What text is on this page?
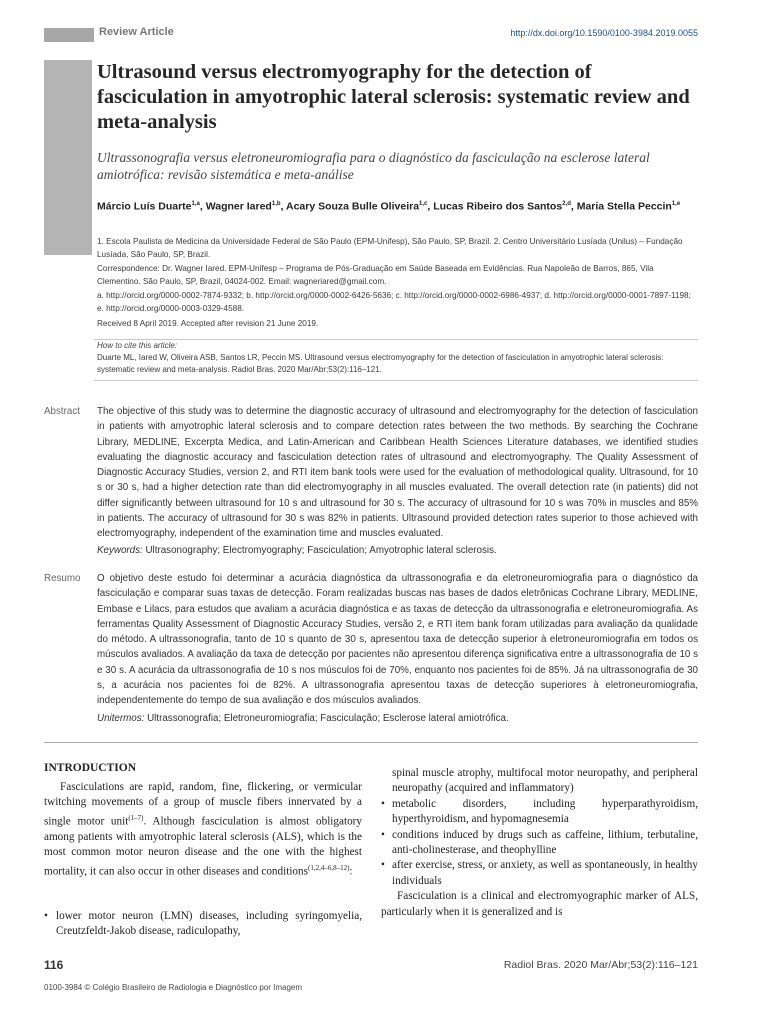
Review Article	http://dx.doi.org/10.1590/0100-3984.2019.0055
Ultrasound versus electromyography for the detection of fasciculation in amyotrophic lateral sclerosis: systematic review and meta-analysis
Ultrassonografia versus eletroneuromiografia para o diagnóstico da fasciculação na esclerose lateral amiotrófica: revisão sistemática e meta-análise
Márcio Luís Duarte$^{1,a}$, Wagner Iared$^{1,b}$, Acary Souza Bulle Oliveira$^{1,c}$, Lucas Ribeiro dos Santos$^{2,d}$, Maria Stella Peccin$^{1,e}$
1. Escola Paulista de Medicina da Universidade Federal de São Paulo (EPM-Unifesp), São Paulo, SP, Brazil. 2. Centro Universitário Lusíada (Unilus) – Fundação Lusíada, São Paulo, SP, Brazil.
Correspondence: Dr. Wagner Iared. EPM-Unifesp – Programa de Pós-Graduação em Saúde Baseada em Evidências. Rua Napoleão de Barros, 865, Vila Clementino. São Paulo, SP, Brazil, 04024-002. Email: wagneriared@gmail.com.
a. http://orcid.org/0000-0002-7874-9332; b. http://orcid.org/0000-0002-6426-5636; c. http://orcid.org/0000-0002-6986-4937; d. http://orcid.org/0000-0001-7897-1198; e. http://orcid.org/0000-0003-0329-4588.
Received 8 April 2019. Accepted after revision 21 June 2019.
How to cite this article:
Duarte ML, Iared W, Oliveira ASB, Santos LR, Peccin MS. Ultrasound versus electromyography for the detection of fasciculation in amyotrophic lateral sclerosis: systematic review and meta-analysis. Radiol Bras. 2020 Mar/Abr;53(2):116–121.
Abstract The objective of this study was to determine the diagnostic accuracy of ultrasound and electromyography for the detection of fasciculation in patients with amyotrophic lateral sclerosis and to compare detection rates between the two methods. By searching the Cochrane Library, MEDLINE, Excerpta Medica, and Latin-American and Caribbean Health Sciences Literature databases, we identified studies evaluating the diagnostic accuracy and fasciculation detection rates of ultrasound and electromyography. The Quality Assessment of Diagnostic Accuracy Studies, version 2, and RTI item bank tools were used for the evaluation of methodological quality. Ultrasound, for 10 s or 30 s, had a higher detection rate than did electromyography in all muscles evaluated. The overall detection rate (in patients) did not differ significantly between ultrasound for 10 s and ultrasound for 30 s. The accuracy of ultrasound for 10 s was 70% in muscles and 85% in patients. The accuracy of ultrasound for 30 s was 82% in patients. Ultrasound provided detection rates superior to those achieved with electromyography, independent of the examination time and muscles evaluated.
Keywords: Ultrasonography; Electromyography; Fasciculation; Amyotrophic lateral sclerosis.
Resumo O objetivo deste estudo foi determinar a acurácia diagnóstica da ultrassonografia e da eletroneuromiografia para o diagnóstico da fasciculação e comparar suas taxas de detecção. Foram realizadas buscas nas bases de dados eletrônicas Cochrane Library, MEDLINE, Embase e Lilacs, para estudos que avaliam a acurácia diagnóstica e as taxas de detecção da ultrassonografia e eletroneuromiografia. As ferramentas Quality Assessment of Diagnostic Accuracy Studies, versão 2, e RTI item bank foram utilizadas para avaliação da qualidade do método. A ultrassonografia, tanto de 10 s quanto de 30 s, apresentou taxa de detecção superior à eletroneuromiografia em todos os músculos avaliados. A avaliação da taxa de detecção por pacientes não apresentou diferença significativa entre a ultrassonografia de 10 s e 30 s. A acurácia da ultrassonografia de 10 s nos músculos foi de 70%, enquanto nos pacientes foi de 85%. Já na ultrassonografia de 30 s, a acurácia nos pacientes foi de 82%. A ultrassonografia apresentou taxas de detecção superiores à eletroneuromiografia, independentemente do tempo de sua avaliação e dos músculos avaliados.
Unitermos: Ultrassonografia; Eletroneuromiografia; Fasciculação; Esclerose lateral amiotrófica.
INTRODUCTION
Fasciculations are rapid, random, fine, flickering, or vermicular twitching movements of a group of muscle fibers innervated by a single motor unit$^{(1-7)}$. Although fasciculation is almost obligatory among patients with amyotrophic lateral sclerosis (ALS), which is the most common motor neuron disease and the one with the highest mortality, it can also occur in other diseases and conditions$^{(1,2,4-6,8-12)}$:
• lower motor neuron (LMN) diseases, including syringomyelia, Creutzfeldt-Jakob disease, radiculopathy,
spinal muscle atrophy, multifocal motor neuropathy, and peripheral neuropathy (acquired and inflammatory)
• metabolic disorders, including hyperparathyroidism, hyperthyroidism, and hypomagnesemia
• conditions induced by drugs such as caffeine, lithium, terbutaline, anti-cholinesterase, and theophylline
• after exercise, stress, or anxiety, as well as spontaneously, in healthy individuals
Fasciculation is a clinical and electromyographic marker of ALS, particularly when it is generalized and is
116	Radiol Bras. 2020 Mar/Abr;53(2):116–121
0100-3984 © Colégio Brasileiro de Radiologia e Diagnóstico por Imagem
